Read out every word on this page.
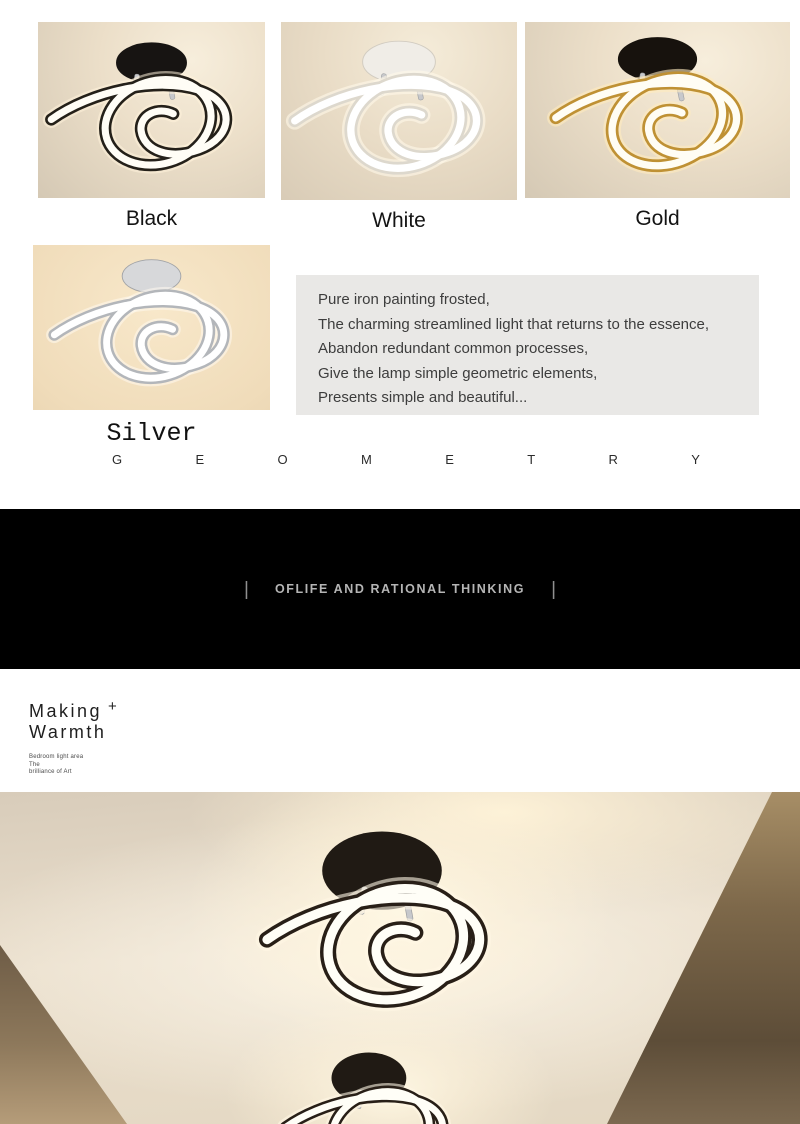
Black	White	Gold
Silver

Pure iron painting frosted,

The charming streamlined light that returns to the essence,

Abandon redundant common processes,

Give the lamp simple geometric elements,

Presents simple and beautiful...

G	E	O	M	E	T	R	Y
| OFLIFE AND RATIONAL THINKING |
Making +
Warmth
Bedroom light area
The
brilliance of Art
